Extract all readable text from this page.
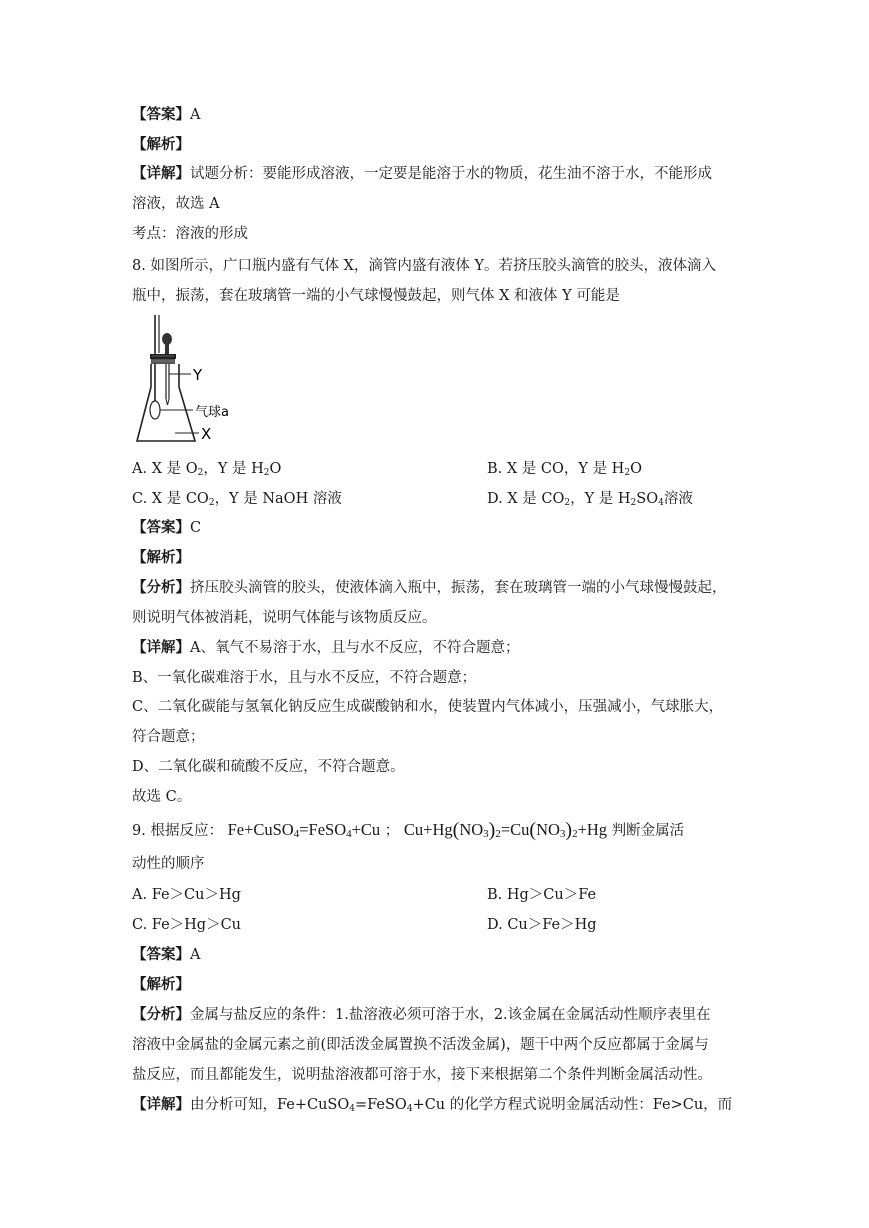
【答案】A
【解析】
【详解】试题分析：要能形成溶液，一定要是能溶于水的物质，花生油不溶于水，不能形成
溶液，故选 A
考点：溶液的形成
8. 如图所示，广口瓶内盛有气体 X，滴管内盛有液体 Y。若挤压胶头滴管的胶头，液体滴入
瓶中，振荡，套在玻璃管一端的小气球慢慢鼓起，则气体 X 和液体 Y 可能是
Y
气球a
X
A. X 是 $O_2$，Y 是 $H_2O$	B. X 是 CO，Y 是 $H_2O$
C. X 是 $CO_2$，Y 是 NaOH 溶液	D. X 是 $CO_2$，Y 是 $H_2SO_4$溶液
【答案】C
【解析】
【分析】挤压胶头滴管的胶头，使液体滴入瓶中，振荡，套在玻璃管一端的小气球慢慢鼓起，
则说明气体被消耗，说明气体能与该物质反应。
【详解】A、氧气不易溶于水，且与水不反应，不符合题意；
B、一氧化碳难溶于水，且与水不反应，不符合题意；
C、二氧化碳能与氢氧化钠反应生成碳酸钠和水，使装置内气体减小，压强减小，气球胀大，
符合题意；
D、二氧化碳和硫酸不反应，不符合题意。
故选 C。
9. 根据反应： Fe+CuSO$_4$=FeSO$_4$+Cu ； $Cu+Hg(NO_3)_2=Cu(NO_3)_2+Hg$ 判断金属活
动性的顺序
A. Fe＞Cu＞Hg	B. Hg＞Cu＞Fe
C. Fe＞Hg＞Cu	D. Cu＞Fe＞Hg
【答案】A
【解析】
【分析】金属与盐反应的条件：1.盐溶液必须可溶于水，2.该金属在金属活动性顺序表里在
溶液中金属盐的金属元素之前(即活泼金属置换不活泼金属)，题干中两个反应都属于金属与
盐反应，而且都能发生，说明盐溶液都可溶于水，接下来根据第二个条件判断金属活动性。
【详解】由分析可知，Fe+CuSO$_4$=FeSO$_4$+Cu 的化学方程式说明金属活动性：Fe>Cu，而
